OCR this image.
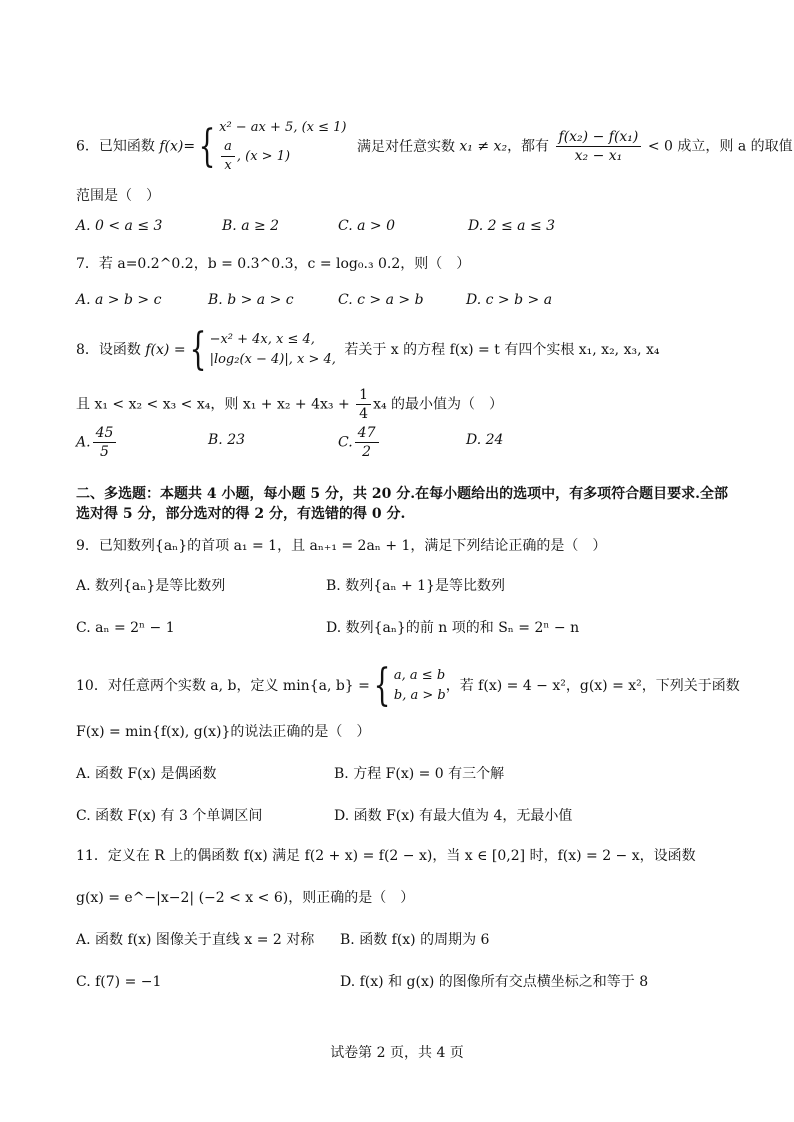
6．已知函数 f(x)={ x² − ax + 5, (x ≤ 1)
$\frac{a}{x}$ , (x > 1)
满足对任意实数 x₁ ≠ x₂，都有 $\frac{\text{f(x₂) − f(x₁)}}{\text{x₂ − x₁}} < 0$ 成立，则 a 的取值
范围是（　）
A. 0 < a ≤ 3	B. a ≥ 2	C. a > 0	D. 2 ≤ a ≤ 3
7．若 a=0.2^0.2，b = 0.3^0.3，c = log₀.₃ 0.2，则（　）
A. a > b > c	B. b > a > c	C. c > a > b	D. c > b > a
8．设函数 f(x) ={ −x² + 4x, x ≤ 4,
|log₂(x − 4)|, x > 4,
若关于 x 的方程 f(x) = t 有四个实根 x₁, x₂, x₃, x₄
且 x₁ < x₂ < x₃ < x₄，则 $x_1 + x_2 + 4x_3 + \frac{1}{4} x_4$ 的最小值为（　）
A. $\frac{45}{5}$	B. 23	C. $\frac{47}{2}$	D. 24
二、多选题：本题共 4 小题，每小题 5 分，共 20 分.在每小题给出的选项中，有多项符合题目要求.全部
选对得 5 分，部分选对的得 2 分，有选错的得 0 分.
9．已知数列{aₙ}的首项 a₁ = 1，且 aₙ₊₁ = 2aₙ + 1，满足下列结论正确的是（　）
A. 数列{aₙ}是等比数列	B. 数列{aₙ + 1}是等比数列
C. aₙ = 2ⁿ − 1	D. 数列{aₙ}的前 n 项的和 Sₙ = 2ⁿ − n
10．对任意两个实数 a, b，定义 min{a, b} ={ a, a ≤ b
b, a > b
，若 f(x) = 4 − x²，g(x) = x²，下列关于函数
F(x) = min{f(x), g(x)}的说法正确的是（　）
A. 函数 F(x) 是偶函数	B. 方程 F(x) = 0 有三个解
C. 函数 F(x) 有 3 个单调区间	D. 函数 F(x) 有最大值为 4，无最小值
11．定义在 R 上的偶函数 f(x) 满足 f(2 + x) = f(2 − x)，当 x ∈ [0,2] 时，f(x) = 2 − x，设函数
g(x) = e^−|x−2| (−2 < x < 6)，则正确的是（　）
A. 函数 f(x) 图像关于直线 x = 2 对称 B. 函数 f(x) 的周期为 6
C. f(7) = −1	D. f(x) 和 g(x) 的图像所有交点横坐标之和等于 8
试卷第 2 页，共 4 页
